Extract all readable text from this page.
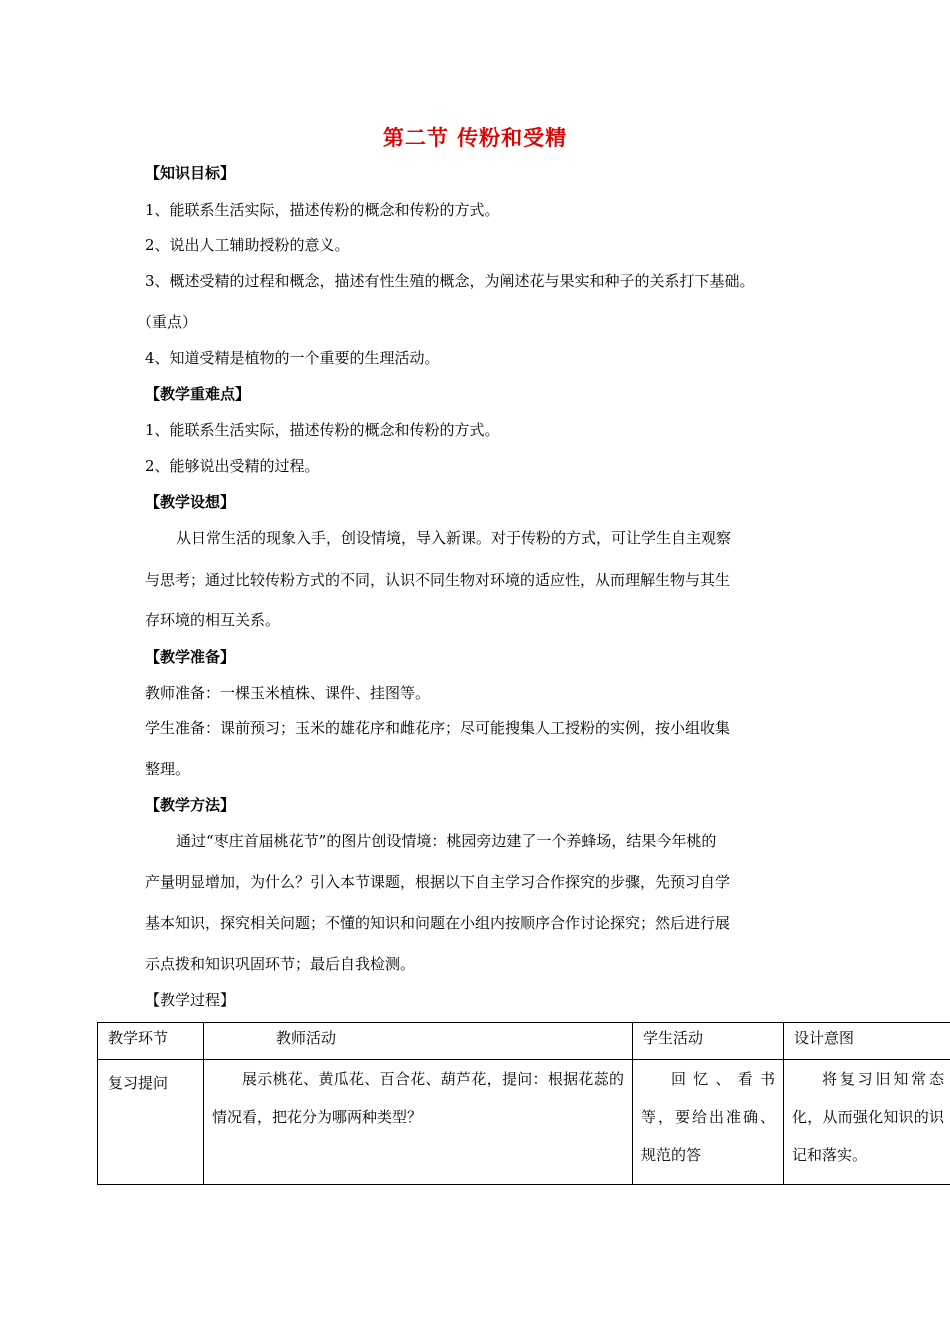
第二节 传粉和受精
【知识目标】
1、能联系生活实际，描述传粉的概念和传粉的方式。
2、说出人工辅助授粉的意义。
3、概述受精的过程和概念，描述有性生殖的概念，为阐述花与果实和种子的关系打下基础。
（重点）
4、知道受精是植物的一个重要的生理活动。
【教学重难点】
1、能联系生活实际，描述传粉的概念和传粉的方式。
2、能够说出受精的过程。
【教学设想】
从日常生活的现象入手，创设情境，导入新课。对于传粉的方式，可让学生自主观察
与思考；通过比较传粉方式的不同，认识不同生物对环境的适应性，从而理解生物与其生
存环境的相互关系。
【教学准备】
教师准备：一棵玉米植株、课件、挂图等。
学生准备：课前预习；玉米的雄花序和雌花序；尽可能搜集人工授粉的实例，按小组收集
整理。
【教学方法】
通过“枣庄首届桃花节”的图片创设情境：桃园旁边建了一个养蜂场，结果今年桃的
产量明显增加，为什么？引入本节课题，根据以下自主学习合作探究的步骤，先预习自学
基本知识，探究相关问题；不懂的知识和问题在小组内按顺序合作讨论探究；然后进行展
示点拨和知识巩固环节；最后自我检测。
【教学过程】
教学环节	教师活动	学生活动	设计意图

复习提问	展示桃花、黄瓜花、百合花、葫芦花，提问：根据花蕊的情况看，把花分为哪两种类型？	回忆、看书等，要给出准确、规范的答	将复习旧知常态化，从而强化知识的识记和落实。
